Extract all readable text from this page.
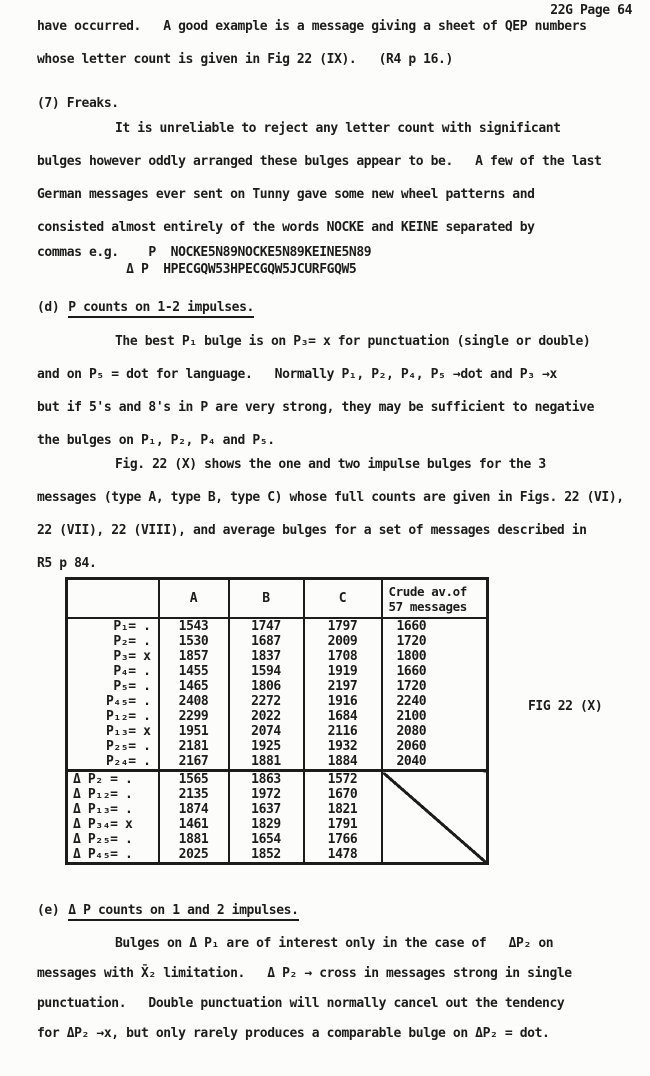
22G Page 64
have occurred.   A good example is a message giving a sheet of QEP numbers
whose letter count is given in Fig 22 (IX).   (R4 p 16.)
(7) Freaks.
It is unreliable to reject any letter count with significant
bulges however oddly arranged these bulges appear to be.   A few of the last
German messages ever sent on Tunny gave some new wheel patterns and
consisted almost entirely of the words NOCKE and KEINE separated by
commas e.g.    P  NOCKE5N89NOCKE5N89KEINE5N89
Δ P  HPECGQW53HPECGQW5JCURFGQW5
(d) P counts on 1-2 impulses.
The best P₁ bulge is on P₃= x for punctuation (single or double)
and on P₅ = dot for language.   Normally P₁, P₂, P₄, P₅ →dot and P₃ →x
but if 5's and 8's in P are very strong, they may be sufficient to negative
the bulges on P₁, P₂, P₄ and P₅.
Fig. 22 (X) shows the one and two impulse bulges for the 3
messages (type A, type B, type C) whose full counts are given in Figs. 22 (VI),
22 (VII), 22 (VIII), and average bulges for a set of messages described in
R5 p 84.
	A	B	C	Crude av.of
57 messages

P₁= .	1543	1747	1797	1660
P₂= .	1530	1687	2009	1720
P₃= x	1857	1837	1708	1800
P₄= .	1455	1594	1919	1660
P₅= .	1465	1806	2197	1720
P₄₅= .	2408	2272	1916	2240
P₁₂= .	2299	2022	1684	2100
P₁₃= x	1951	2074	2116	2080
P₂₅= .	2181	1925	1932	2060
P₂₄= .	2167	1881	1884	2040
Δ P₂ = .	1565	1863	1572	
Δ P₁₂= .	2135	1972	1670	
Δ P₁₃= .	1874	1637	1821	
Δ P₃₄= x	1461	1829	1791	
Δ P₂₅= .	1881	1654	1766	
Δ P₄₅= .	2025	1852	1478	
FIG 22 (X)
(e) Δ P counts on 1 and 2 impulses.
Bulges on Δ P₁ are of interest only in the case of   ΔP₂ on
messages with X̄₂ limitation.   Δ P₂ → cross in messages strong in single
punctuation.   Double punctuation will normally cancel out the tendency
for ΔP₂ →x, but only rarely produces a comparable bulge on ΔP₂ = dot.
